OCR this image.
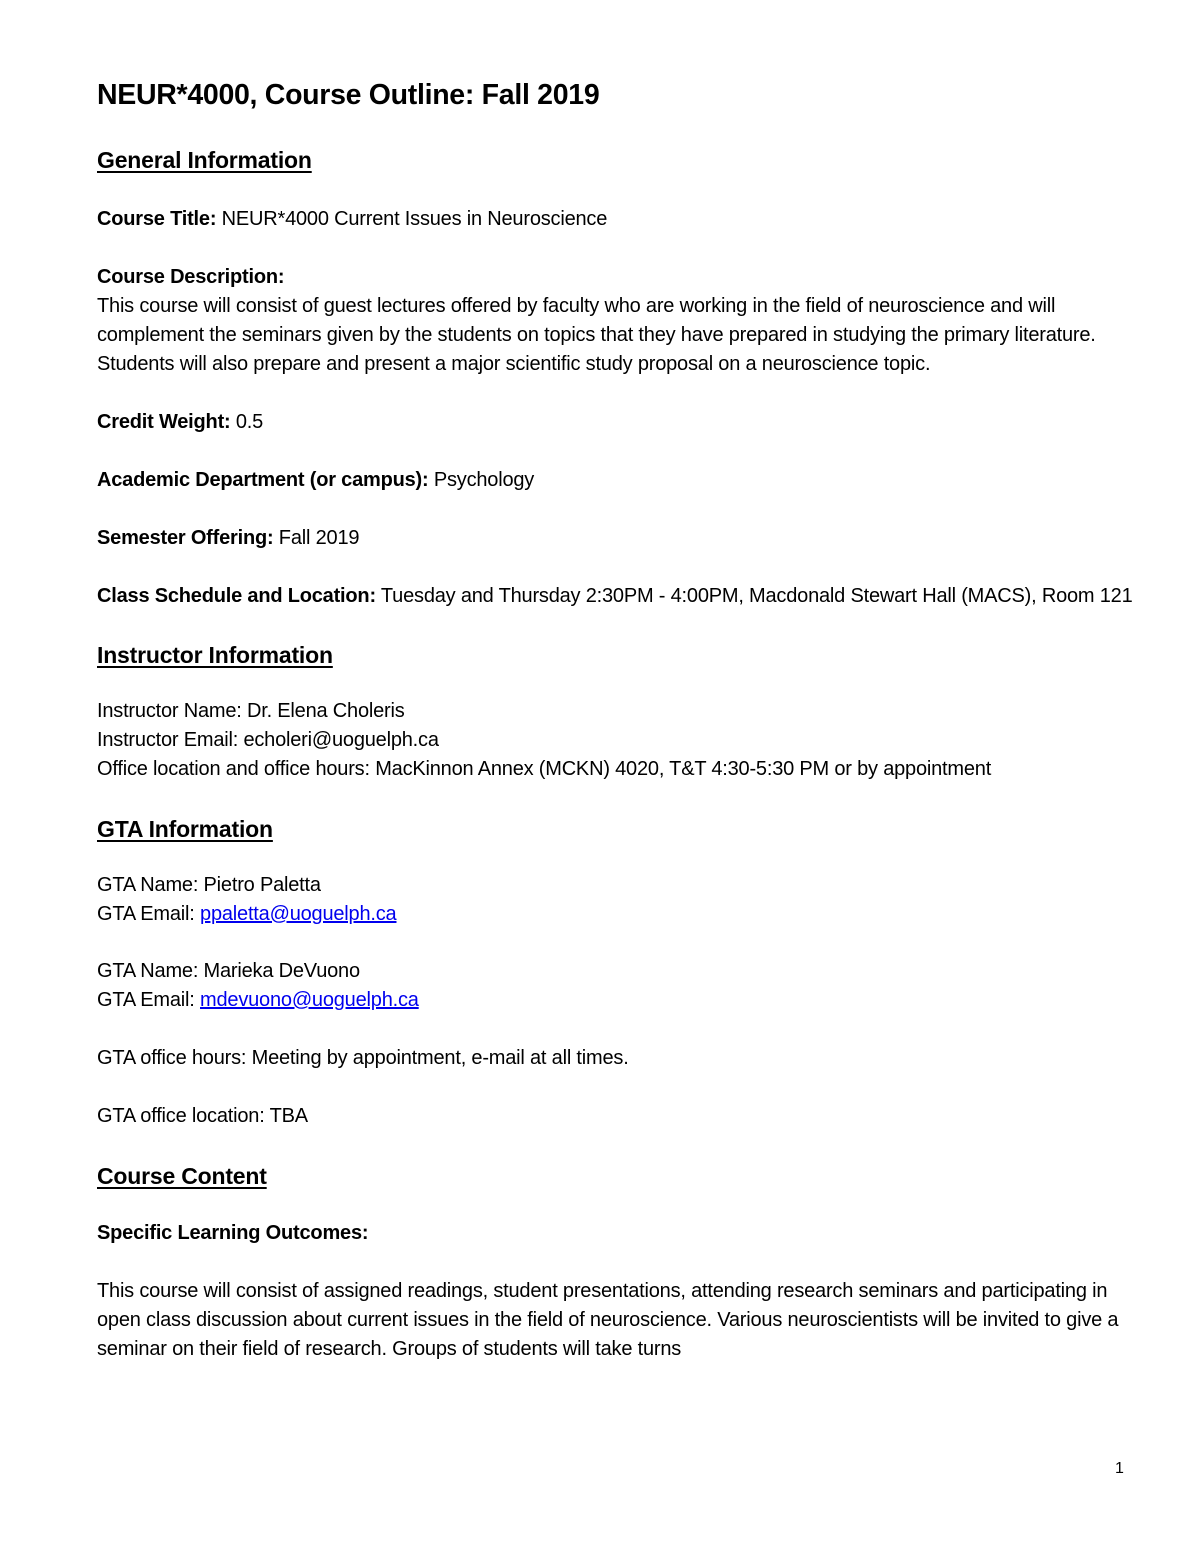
NEUR*4000, Course Outline: Fall 2019
General Information

Course Title: NEUR*4000 Current Issues in Neuroscience

Course Description:

This course will consist of guest lectures offered by faculty who are working in the field of neuroscience and will complement the seminars given by the students on topics that they have prepared in studying the primary literature. Students will also prepare and present a major scientific study proposal on a neuroscience topic.

Credit Weight: 0.5

Academic Department (or campus): Psychology

Semester Offering: Fall 2019

Class Schedule and Location: Tuesday and Thursday 2:30PM - 4:00PM, Macdonald Stewart Hall (MACS), Room 121

Instructor Information

Instructor Name: Dr. Elena Choleris

Instructor Email: echoleri@uoguelph.ca

Office location and office hours: MacKinnon Annex (MCKN) 4020, T&T 4:30-5:30 PM or by appointment

GTA Information

GTA Name: Pietro Paletta

GTA Email: ppaletta@uoguelph.ca

GTA Name: Marieka DeVuono

GTA Email: mdevuono@uoguelph.ca

GTA office hours: Meeting by appointment, e-mail at all times.

GTA office location: TBA

Course Content

Specific Learning Outcomes:

This course will consist of assigned readings, student presentations, attending research seminars and participating in open class discussion about current issues in the field of neuroscience. Various neuroscientists will be invited to give a seminar on their field of research. Groups of students will take turns

1
